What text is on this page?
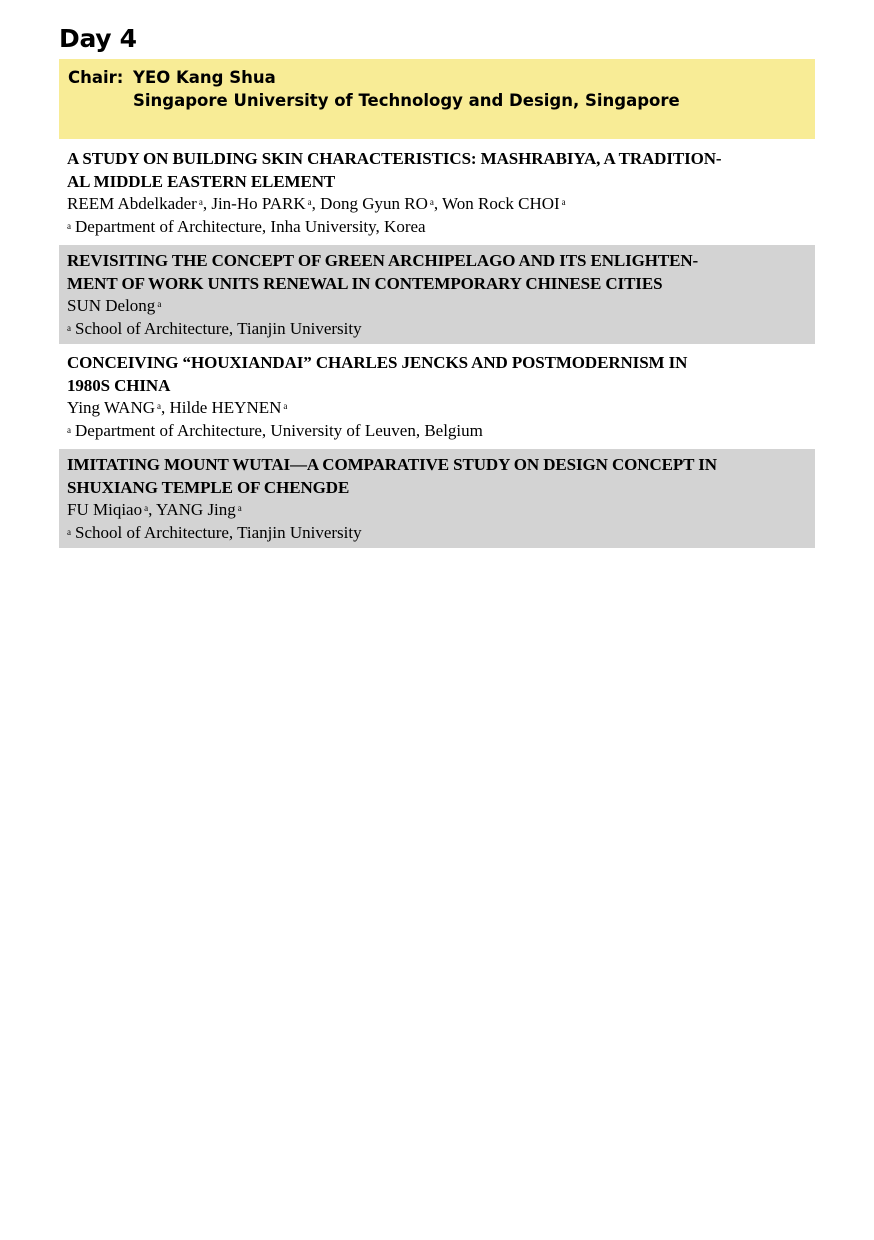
Day 4
Chair: YEO Kang Shua
Singapore University of Technology and Design, Singapore
A STUDY ON BUILDING SKIN CHARACTERISTICS: MASHRABIYA, A TRADITION-
AL MIDDLE EASTERN ELEMENT
REEM Abdelkader $^a$, Jin-Ho PARK $^a$, Dong Gyun RO $^a$, Won Rock CHOI $^a$
$^a$ Department of Architecture, Inha University, Korea
REVISITING THE CONCEPT OF GREEN ARCHIPELAGO AND ITS ENLIGHTEN-
MENT OF WORK UNITS RENEWAL IN CONTEMPORARY CHINESE CITIES
SUN Delong $^a$
$^a$ School of Architecture, Tianjin University
CONCEIVING “HOUXIANDAI” CHARLES JENCKS AND POSTMODERNISM IN
1980S CHINA
Ying WANG $^a$, Hilde HEYNEN $^a$
$^a$ Department of Architecture, University of Leuven, Belgium
IMITATING MOUNT WUTAI—A COMPARATIVE STUDY ON DESIGN CONCEPT IN
SHUXIANG TEMPLE OF CHENGDE
FU Miqiao $^a$, YANG Jing $^a$
$^a$ School of Architecture, Tianjin University
